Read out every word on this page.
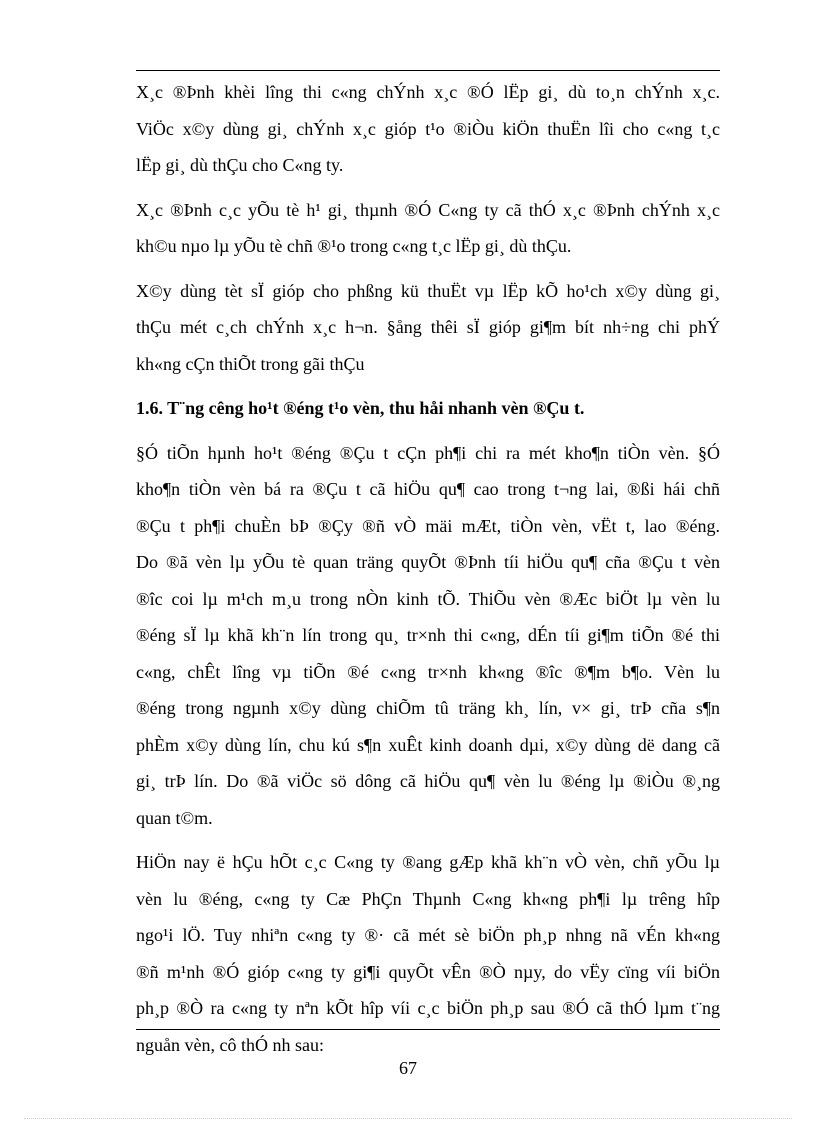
X¸c ®Þnh khèi lîng thi c«ng chÝnh x¸c ®Ó lËp gi¸ dù to¸n chÝnh x¸c.
ViÖc x©y dùng gi¸ chÝnh x¸c gióp t¹o ®iÒu kiÖn thuËn lîi cho c«ng t¸c
lËp gi¸ dù thÇu cho C«ng ty.

X¸c ®Þnh c¸c yÕu tè h¹ gi¸ thµnh ®Ó C«ng ty cã thÓ x¸c ®Þnh chÝnh x¸c
kh©u nµo lµ yÕu tè chñ ®¹o trong c«ng t¸c lËp gi¸ dù thÇu.

X©y dùng tèt sÏ gióp cho phßng kü thuËt vµ lËp kÕ ho¹ch x©y dùng gi¸
thÇu mét c¸ch chÝnh x¸c h¬n. §ång thêi sÏ gióp gi¶m bít nh÷ng chi phÝ
kh«ng cÇn thiÕt trong gãi thÇu

1.6. T¨ng cêng ho¹t ®éng t¹o vèn, thu håi nhanh vèn ®Çu t.

§Ó tiÕn hµnh ho¹t ®éng ®Çu t cÇn ph¶i chi ra mét kho¶n tiÒn vèn. §Ó
kho¶n tiÒn vèn bá ra ®Çu t cã hiÖu qu¶ cao trong t¬ng lai, ®ßi hái chñ
®Çu t ph¶i chuÈn bÞ ®Çy ®ñ vÒ mäi mÆt, tiÒn vèn, vËt t, lao ®éng.
Do ®ã vèn lµ yÕu tè quan träng quyÕt ®Þnh tíi hiÖu qu¶ cña ®Çu t vèn
®îc coi lµ m¹ch m¸u trong nÒn kinh tÕ. ThiÕu vèn ®Æc biÖt lµ vèn lu
®éng sÏ lµ khã kh¨n lín trong qu¸ tr×nh thi c«ng, dÉn tíi gi¶m tiÕn ®é thi
c«ng, chÊt lîng vµ tiÕn ®é c«ng tr×nh kh«ng ®îc ®¶m b¶o. Vèn lu
®éng trong ngµnh x©y dùng chiÕm tû träng kh¸ lín, v× gi¸ trÞ cña s¶n
phÈm x©y dùng lín, chu kú s¶n xuÊt kinh doanh dµi, x©y dùng dë dang cã
gi¸ trÞ lín. Do ®ã viÖc sö dông cã hiÖu qu¶ vèn lu ®éng lµ ®iÒu ®¸ng
quan t©m.

HiÖn nay ë hÇu hÕt c¸c C«ng ty ®ang gÆp khã kh¨n vÒ vèn, chñ yÕu lµ
vèn lu ®éng, c«ng ty Cæ PhÇn Thµnh C«ng kh«ng ph¶i lµ trêng hîp
ngo¹i lÖ. Tuy nhiªn c«ng ty ®· cã mét sè biÖn ph¸p nhng nã vÉn kh«ng
®ñ m¹nh ®Ó gióp c«ng ty gi¶i quyÕt vÊn ®Ò nµy, do vËy cïng víi biÖn
ph¸p ®Ò ra c«ng ty nªn kÕt hîp víi c¸c biÖn ph¸p sau ®Ó cã thÓ lµm t¨ng
nguån vèn, cô thÓ nh sau:

67
